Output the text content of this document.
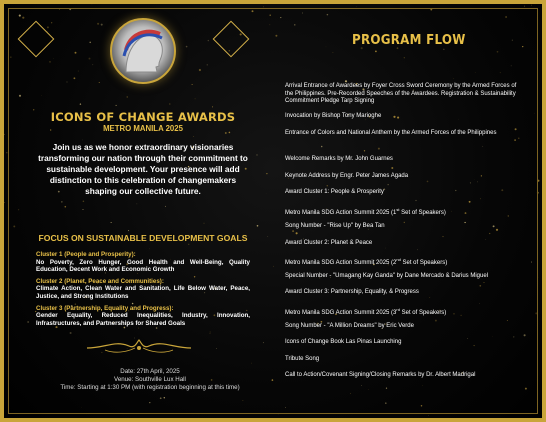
ICONS OF CHANGE AWARDS
METRO MANILA 2025
Join us as we honor extraordinary visionaries transforming our nation through their commitment to sustainable development. Your presence will add distinction to this celebration of changemakers shaping our collective future.
FOCUS ON SUSTAINABLE DEVELOPMENT GOALS
Cluster 1 (People and Prosperity):
No Poverty, Zero Hunger, Good Health and Well-Being, Quality Education, Decent Work and Economic Growth
Cluster 2 (Planet, Peace and Communities):
Climate Action, Clean Water and Sanitation, Life Below Water, Peace, Justice, and Strong Institutions
Cluster 3 (Partnership, Equality and Progress):
Gender Equality, Reduced Inequalities, Industry, Innovation, Infrastructures, and Partnerships for Shared Goals
Date: 27th April, 2025
Venue: Southville Lux Hall
Time: Starting at 1:30 PM (with registration beginning at this time)
PROGRAM FLOW
Arrival Entrance of Awardees by Foyer Cross Sword Ceremony by the Armed Forces of the Philippines. Pre-Recorded Speeches of the Awardees. Registration & Sustainability Commitment Pledge Tarp Signing
Invocation by Bishop Tony Marioghe
Entrance of Colors and National Anthem by the Armed Forces of the Philippines
Welcome Remarks by Mr. John Guarnes
Keynote Address by Engr. Peter James Agada
Award Cluster 1: People & Prosperity
Metro Manila SDG Action Summit 2025 (1st Set of Speakers)
Song Number - "Rise Up" by Bea Tan
Award Cluster 2: Planet & Peace
Metro Manila SDG Action Summit 2025 (2nd Set of Speakers)
Special Number - "Umagang Kay Ganda" by Dane Mercado & Darius Miguel
Award Cluster 3: Partnership, Equality, & Progress
Metro Manila SDG Action Summit 2025 (3rd Set of Speakers)
Song Number - "A Million Dreams" by Eric Verde
Icons of Change Book Las Pinas Launching
Tribute Song
Call to Action/Covenant Signing/Closing Remarks by Dr. Albert Madrigal
